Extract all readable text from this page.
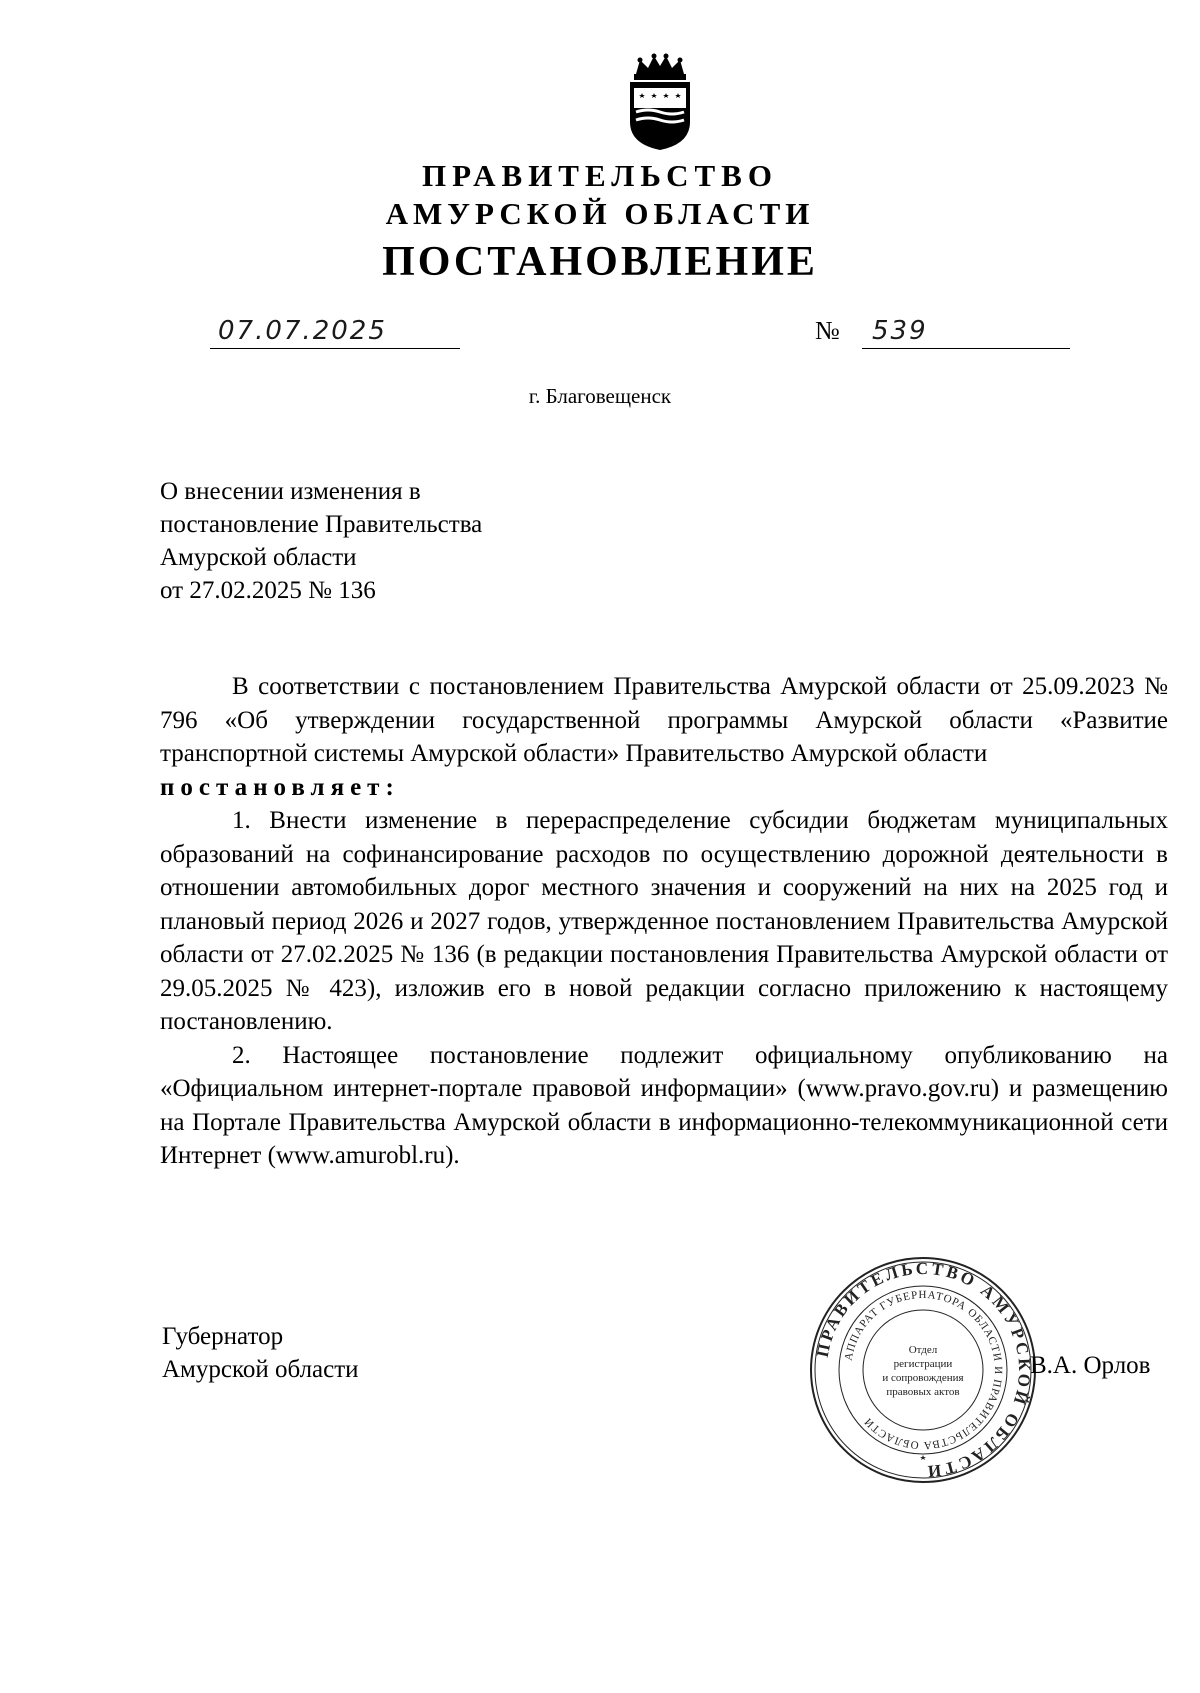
ПРАВИТЕЛЬСТВО
АМУРСКОЙ ОБЛАСТИ
ПОСТАНОВЛЕНИЕ
07.07.2025	№ 539
г. Благовещенск
О внесении изменения в
постановление Правительства
Амурской области
от 27.02.2025 № 136

В соответствии с постановлением Правительства Амурской области от 25.09.2023 № 796 «Об утверждении государственной программы Амурской области «Развитие транспортной системы Амурской области» Правительство Амурской области

постановляет:

1. Внести изменение в перераспределение субсидии бюджетам муниципальных образований на софинансирование расходов по осуществлению дорожной деятельности в отношении автомобильных дорог местного значения и сооружений на них на 2025 год и плановый период 2026 и 2027 годов, утвержденное постановлением Правительства Амурской области от 27.02.2025 № 136 (в редакции постановления Правительства Амурской области от 29.05.2025 № 423), изложив его в новой редакции согласно приложению к настоящему постановлению.

2. Настоящее постановление подлежит официальному опубликованию на «Официальном интернет-портале правовой информации» (www.pravo.gov.ru) и размещению на Портале Правительства Амурской области в информационно-телекоммуникационной сети Интернет (www.amurobl.ru).

Губернатор
Амурской области
ПРАВИТЕЛЬСТВО АМУРСКОЙ ОБЛАСТИ
АППАРАТ ГУБЕРНАТОРА ОБЛАСТИ И ПРАВИТЕЛЬСТВА ОБЛАСТИ
Отдел
регистрации
и сопровождения
правовых актов
В.А. Орлов
